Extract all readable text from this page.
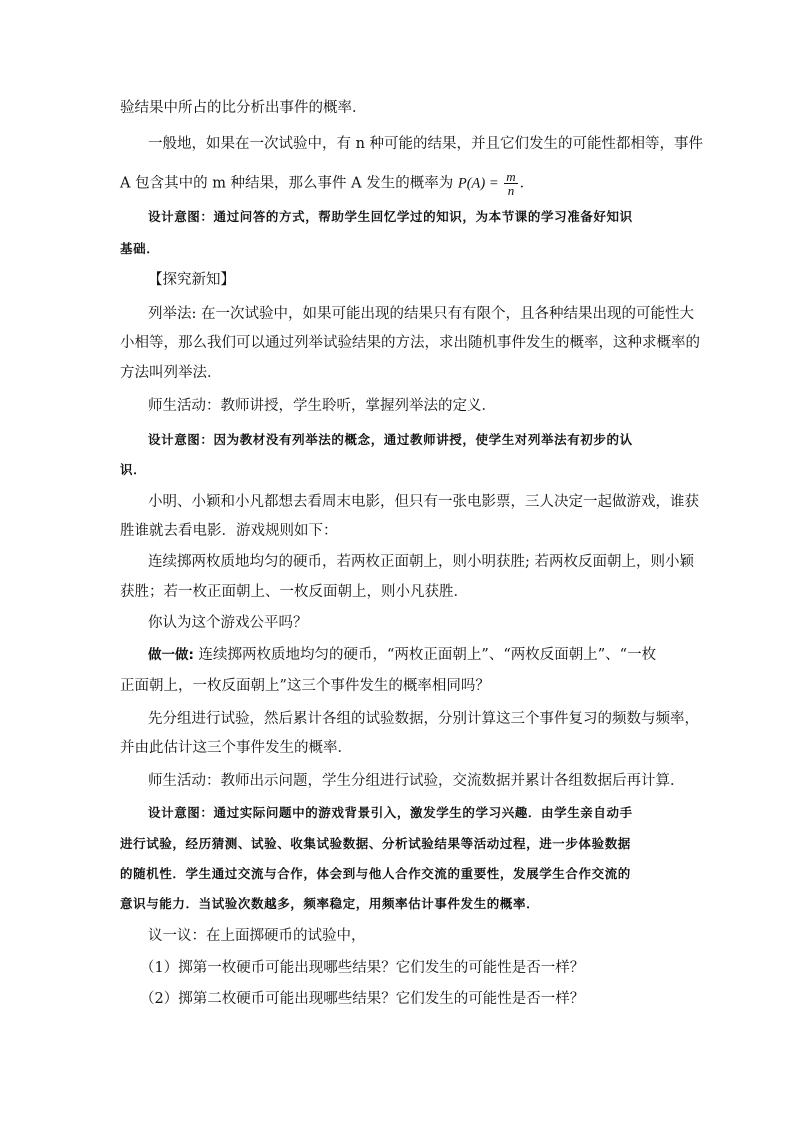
验结果中所占的比分析出事件的概率．
一般地，如果在一次试验中，有 n 种可能的结果，并且它们发生的可能性都相等，事件
A 包含其中的 m 种结果，那么事件 A 发生的概率为 $P(A) = \frac{m}{n}$ ．
设计意图：通过问答的方式，帮助学生回忆学过的知识，为本节课的学习准备好知识
基础．
【探究新知】
列举法: 在一次试验中，如果可能出现的结果只有有限个，且各种结果出现的可能性大
小相等，那么我们可以通过列举试验结果的方法，求出随机事件发生的概率，这种求概率的
方法叫列举法．
师生活动：教师讲授，学生聆听，掌握列举法的定义．
设计意图：因为教材没有列举法的概念，通过教师讲授，使学生对列举法有初步的认
识．
小明、小颖和小凡都想去看周末电影，但只有一张电影票，三人决定一起做游戏，谁获
胜谁就去看电影．游戏规则如下：
连续掷两枚质地均匀的硬币，若两枚正面朝上，则小明获胜; 若两枚反面朝上，则小颖
获胜；若一枚正面朝上、一枚反面朝上，则小凡获胜．
你认为这个游戏公平吗？
做一做: 连续掷两枚质地均匀的硬币，“两枚正面朝上”、“两枚反面朝上”、“一枚
正面朝上，一枚反面朝上”这三个事件发生的概率相同吗？
先分组进行试验，然后累计各组的试验数据，分别计算这三个事件复习的频数与频率，
并由此估计这三个事件发生的概率．
师生活动：教师出示问题，学生分组进行试验，交流数据并累计各组数据后再计算．
设计意图：通过实际问题中的游戏背景引入，激发学生的学习兴趣．由学生亲自动手
进行试验，经历猜测、试验、收集试验数据、分析试验结果等活动过程，进一步体验数据
的随机性．学生通过交流与合作，体会到与他人合作交流的重要性，发展学生合作交流的
意识与能力．当试验次数越多，频率稳定，用频率估计事件发生的概率．
议一议：在上面掷硬币的试验中，
（1）掷第一枚硬币可能出现哪些结果？它们发生的可能性是否一样？
（2）掷第二枚硬币可能出现哪些结果？它们发生的可能性是否一样？
